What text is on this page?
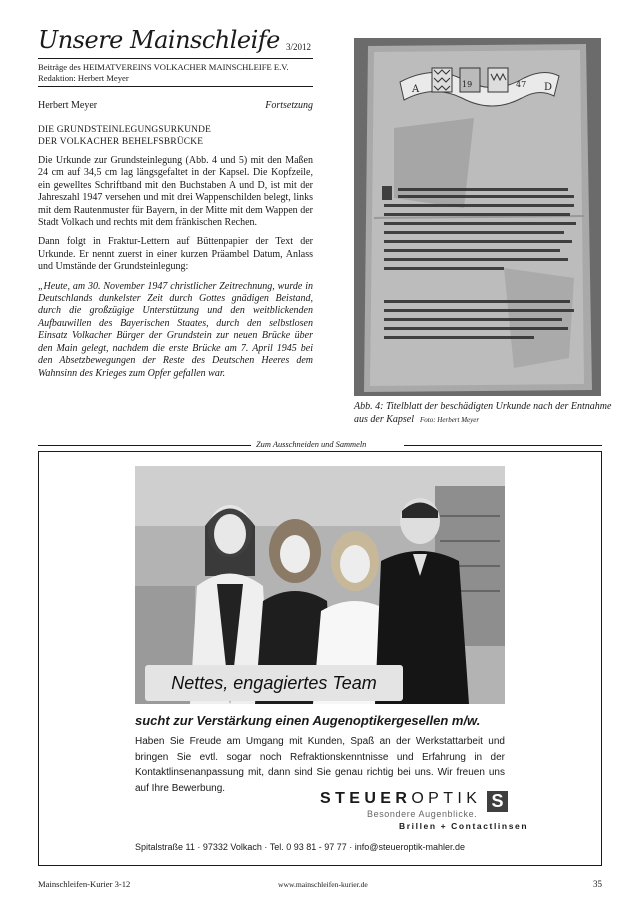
Unsere Mainschleife 3/2012
Beiträge des HEIMATVEREINS VOLKACHER MAINSCHLEIFE E.V.
Redaktion: Herbert Meyer
Herbert Meyer	Fortsetzung
DIE GRUNDSTEINLEGUNGSURKUNDE
DER VOLKACHER BEHELFSBRÜCKE

Die Urkunde zur Grundsteinlegung (Abb. 4 und 5) mit den Maßen 24 cm auf 34,5 cm lag längsgefaltet in der Kapsel. Die Kopfzeile, ein gewelltes Schriftband mit den Buchstaben A und D, ist mit der Jahreszahl 1947 versehen und mit drei Wappenschilden belegt, links mit dem Rautenmuster für Bayern, in der Mitte mit dem Wappen der Stadt Volkach und rechts mit dem fränkischen Rechen.

Dann folgt in Fraktur-Lettern auf Büttenpapier der Text der Urkunde. Er nennt zuerst in einer kurzen Präambel Datum, Anlass und Umstände der Grundsteinlegung:

„Heute, am 30. November 1947 christlicher Zeitrechnung, wurde in Deutschlands dunkelster Zeit durch Gottes gnädigen Beistand, durch die großzügige Unterstützung und den weitblickenden Aufbauwillen des Bayerischen Staates, durch den selbstlosen Einsatz Volkacher Bürger der Grundstein zur neuen Brücke über den Main gelegt, nachdem die erste Brücke am 7. April 1945 bei den Absetzbewegungen der Reste des Deutschen Heeres dem Wahnsinn des Krieges zum Opfer gefallen war.

A	19	47 D
Abb. 4: Titelblatt der beschädigten Urkunde nach der Entnahme aus der Kapsel Foto: Herbert Meyer
Zum Ausschneiden und Sammeln
Nettes, engagiertes Team
sucht zur Verstärkung einen Augenoptikergesellen m/w.
Haben Sie Freude am Umgang mit Kunden, Spaß an der Werkstattarbeit und bringen Sie evtl. sogar noch Refraktionskenntnisse und Erfahrung in der Kontaktlinsenanpassung mit, dann sind Sie genau richtig bei uns. Wir freuen uns auf Ihre Bewerbung.
STEUEROPTIK S
Besondere Augenblicke.
Brillen + Contactlinsen
Spitalstraße 11 · 97332 Volkach · Tel. 0 93 81 - 97 77 · info@steueroptik-mahler.de
Mainschleifen-Kurier 3-12	www.mainschleifen-kurier.de	35
